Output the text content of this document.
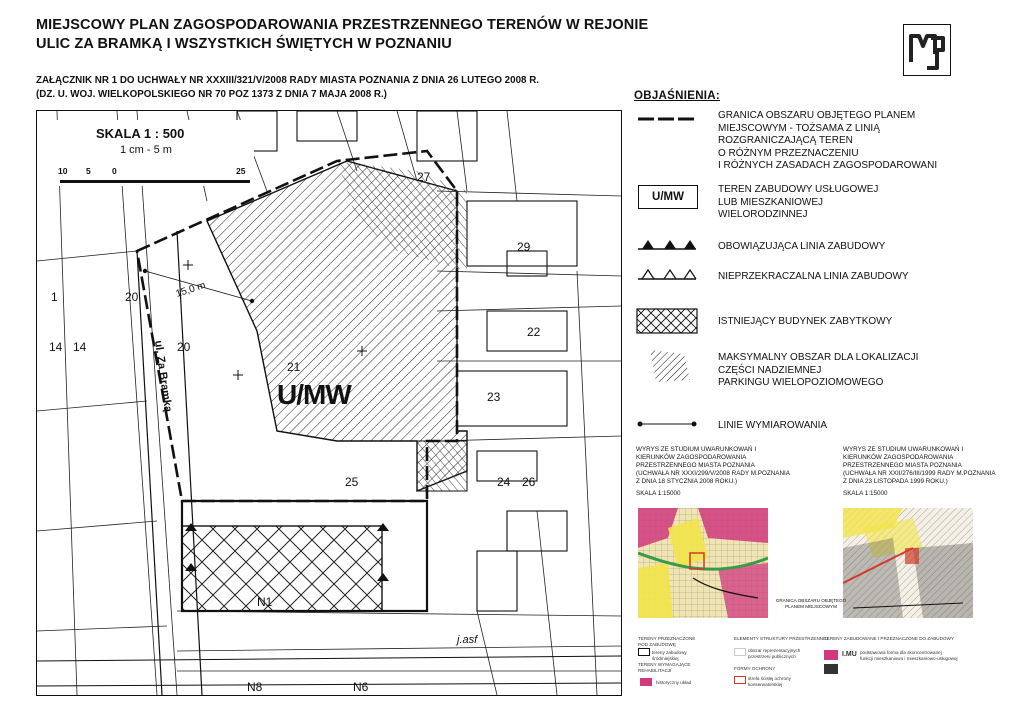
MIEJSCOWY PLAN ZAGOSPODAROWANIA PRZESTRZENNEGO TERENÓW W REJONIE ULIC ZA BRAMKĄ I WSZYSTKICH ŚWIĘTYCH W POZNANIU
ZAŁĄCZNIK NR 1 DO UCHWAŁY NR XXXIII/321/V/2008 RADY MIASTA POZNANIA Z DNIA 26 LUTEGO 2008 R.
(DZ. U. WOJ. WIELKOPOLSKIEGO NR 70 POZ 1373 Z DNIA 7 MAJA 2008 R.)
j.asf
ul. Za Bramką
15,0 m
1
14 14
20
20
21
22
23
24
25	26
27
29
N1
N6
N8
U/MW
SKALA 1 : 500
1 cm - 5 m
10 5	0	25
OBJAŚNIENIA:
GRANICA OBSZARU OBJĘTEGO PLANEM
MIEJSCOWYM - TOŻSAMA Z LINIĄ
ROZGRANICZAJĄCĄ TEREN
O RÓŻNYM PRZEZNACZENIU
I RÓŻNYCH ZASADACH ZAGOSPODAROWANI
U/MW
TEREN ZABUDOWY USŁUGOWEJ
LUB MIESZKANIOWEJ
WIELORODZINNEJ
OBOWIĄZUJĄCA LINIA ZABUDOWY
NIEPRZEKRACZALNA LINIA ZABUDOWY
ISTNIEJĄCY BUDYNEK ZABYTKOWY
MAKSYMALNY OBSZAR DLA LOKALIZACJI
CZĘŚCI NADZIEMNEJ
PARKINGU WIELOPOZIOMOWEGO
LINIE WYMIAROWANIA
WYRYS ZE STUDIUM UWARUNKOWAŃ I
KIERUNKÓW ZAGOSPODAROWANIA
PRZESTRZENNEGO MIASTA POZNANIA
(UCHWAŁA NR XXXI/299/V/2008 RADY M.POZNANIA
Z DNIA 18 STYCZNIA 2008 ROKU.)
SKALA 1:15000
WYRYS ZE STUDIUM UWARUNKOWAŃ I
KIERUNKÓW ZAGOSPODAROWANIA
PRZESTRZENNEGO MIASTA POZNANIA
(UCHWAŁA NR XXII/276/III/1999 RADY M.POZNANIA
Z DNIA 23 LISTOPADA 1999 ROKU.)
SKALA 1:15000
GRANICA OBSZARU OBJĘTEGO
PLANEM MIEJSCOWYM
TERENY PRZEZNACZONE
POD ZABUDOWĘ
tereny zabudowy śródmiejskiej
TERENY WYMAGAJĄCE
REHABILITACJI
historyczny układ
ELEMENTY STRUKTURY PRZESTRZENNEJ
obszar reprezentacyjnych
przestrzeni publicznych
FORMY OCHRONY
strefa ścisłej ochrony
konserwatorskiej
TERENY ZABUDOWANE I PRZEZNACZONE DO ZABUDOWY
I.MU podstawowa forma dla skoncentrowanej
funkcji mieszkaniowo i mieszkaniowo-usługowej
